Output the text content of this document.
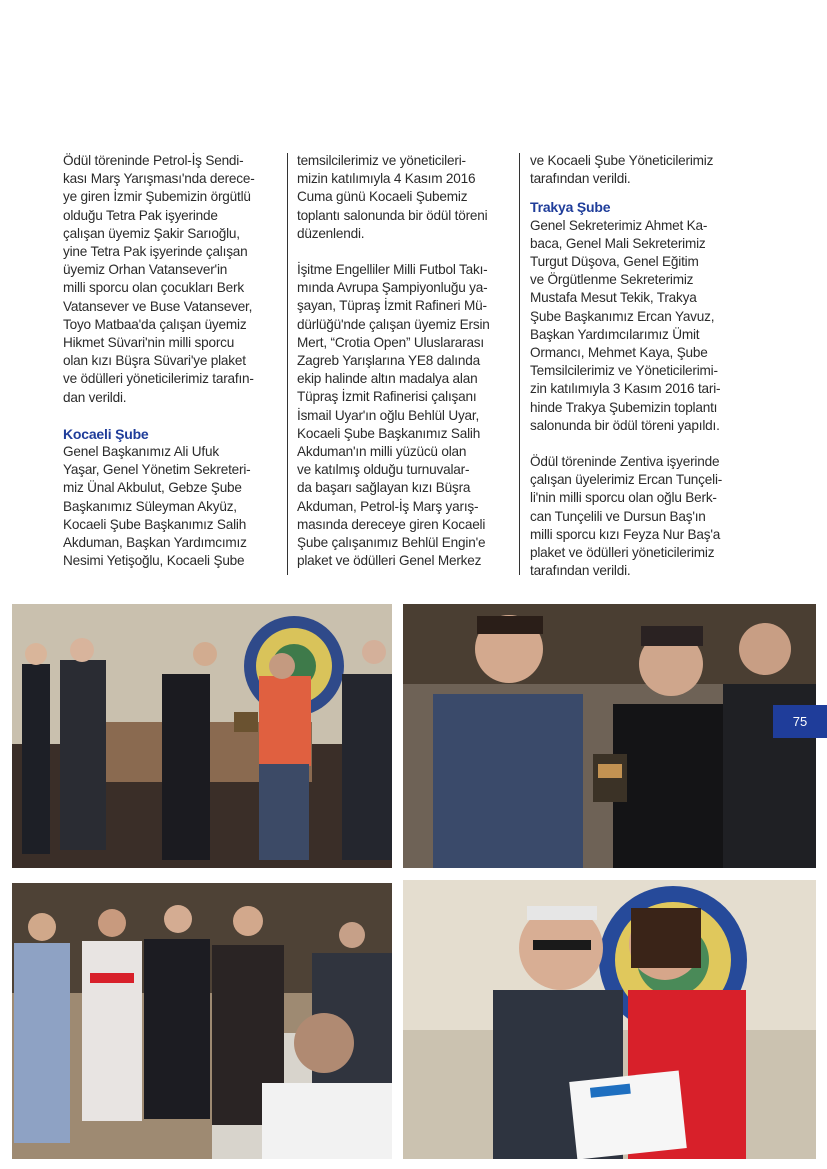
Ödül töreninde Petrol-İş Sendi-
kası Marş Yarışması'nda derece-
ye giren İzmir Şubemizin örgütlü
olduğu Tetra Pak işyerinde
çalışan üyemiz Şakir Sarıoğlu,
yine Tetra Pak işyerinde çalışan
üyemiz Orhan Vatansever'in
milli sporcu olan çocukları Berk
Vatansever ve Buse Vatansever,
Toyo Matbaa'da çalışan üyemiz
Hikmet Süvari'nin milli sporcu
olan kızı Büşra Süvari'ye plaket
ve ödülleri yöneticilerimiz tarafın-
dan verildi.

Kocaeli Şube

Genel Başkanımız Ali Ufuk
Yaşar, Genel Yönetim Sekreteri-
miz Ünal Akbulut, Gebze Şube
Başkanımız Süleyman Akyüz,
Kocaeli Şube Başkanımız Salih
Akduman, Başkan Yardımcımız
Nesimi Yetişoğlu, Kocaeli Şube

temsilcilerimiz ve yöneticileri-
mizin katılımıyla 4 Kasım 2016
Cuma günü Kocaeli Şubemiz
toplantı salonunda bir ödül töreni
düzenlendi.

İşitme Engelliler Milli Futbol Takı-
mında Avrupa Şampiyonluğu ya-
şayan, Tüpraş İzmit Rafineri Mü-
dürlüğü'nde çalışan üyemiz Ersin
Mert, “Crotia Open” Uluslararası
Zagreb Yarışlarına YE8 dalında
ekip halinde altın madalya alan
Tüpraş İzmit Rafinerisi çalışanı
İsmail Uyar'ın oğlu Behlül Uyar,
Kocaeli Şube Başkanımız Salih
Akduman'ın milli yüzücü olan
ve katılmış olduğu turnuvalar-
da başarı sağlayan kızı Büşra
Akduman, Petrol-İş Marş yarış-
masında dereceye giren Kocaeli
Şube çalışanımız Behlül Engin'e
plaket ve ödülleri Genel Merkez

ve Kocaeli Şube Yöneticilerimiz
tarafından verildi.

Trakya Şube

Genel Sekreterimiz Ahmet Ka-
baca, Genel Mali Sekreterimiz
Turgut Düşova, Genel Eğitim
ve Örgütlenme Sekreterimiz
Mustafa Mesut Tekik, Trakya
Şube Başkanımız Ercan Yavuz,
Başkan Yardımcılarımız Ümit
Ormancı, Mehmet Kaya, Şube
Temsilcilerimiz ve Yöneticilerimi-
zin katılımıyla 3 Kasım 2016 tari-
hinde Trakya Şubemizin toplantı
salonunda bir ödül töreni yapıldı.

Ödül töreninde Zentiva işyerinde
çalışan üyelerimiz Ercan Tunçeli-
li'nin milli sporcu olan oğlu Berk-
can Tunçelili ve Dursun Baş'ın
milli sporcu kızı Feyza Nur Baş'a
plaket ve ödülleri yöneticilerimiz
tarafından verildi.

75
